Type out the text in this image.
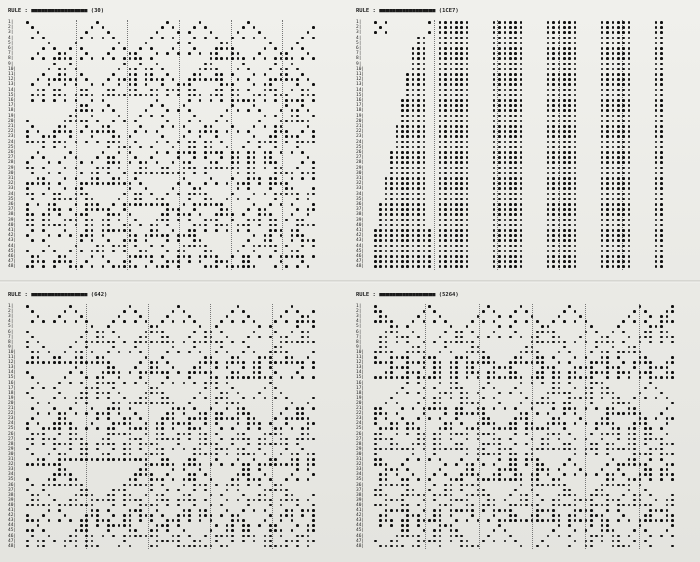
RULE : ■■■■■■■■■■■■■■■■■ (30)
1|
2|
3|
4|
5|
6|
7|
8|
9|
10|
11|
12|
13|
14|
15|
16|
17|
18|
19|
20|
21|
22|
23|
24|
25|
26|
27|
28|
29|
30|
31|
32|
33|
34|
35|
36|
37|
38|
39|
40|
41|
42|
43|
44|
45|
46|
47|
48|
RULE : ■■■■■■■■■■■■■■■■■ (1CE7)
1|
2|
3|
4|
5|
6|
7|
8|
9|
10|
11|
12|
13|
14|
15|
16|
17|
18|
19|
20|
21|
22|
23|
24|
25|
26|
27|
28|
29|
30|
31|
32|
33|
34|
35|
36|
37|
38|
39|
40|
41|
42|
43|
44|
45|
46|
47|
48|
RULE : ■■■■■■■■■■■■■■■■■ (642)
1|
2|
3|
4|
5|
6|
7|
8|
9|
10|
11|
12|
13|
14|
15|
16|
17|
18|
19|
20|
21|
22|
23|
24|
25|
26|
27|
28|
29|
30|
31|
32|
33|
34|
35|
36|
37|
38|
39|
40|
41|
42|
43|
44|
45|
46|
47|
48|
RULE : ■■■■■■■■■■■■■■■■■ (5264)
1|
2|
3|
4|
5|
6|
7|
8|
9|
10|
11|
12|
13|
14|
15|
16|
17|
18|
19|
20|
21|
22|
23|
24|
25|
26|
27|
28|
29|
30|
31|
32|
33|
34|
35|
36|
37|
38|
39|
40|
41|
42|
43|
44|
45|
46|
47|
48|
